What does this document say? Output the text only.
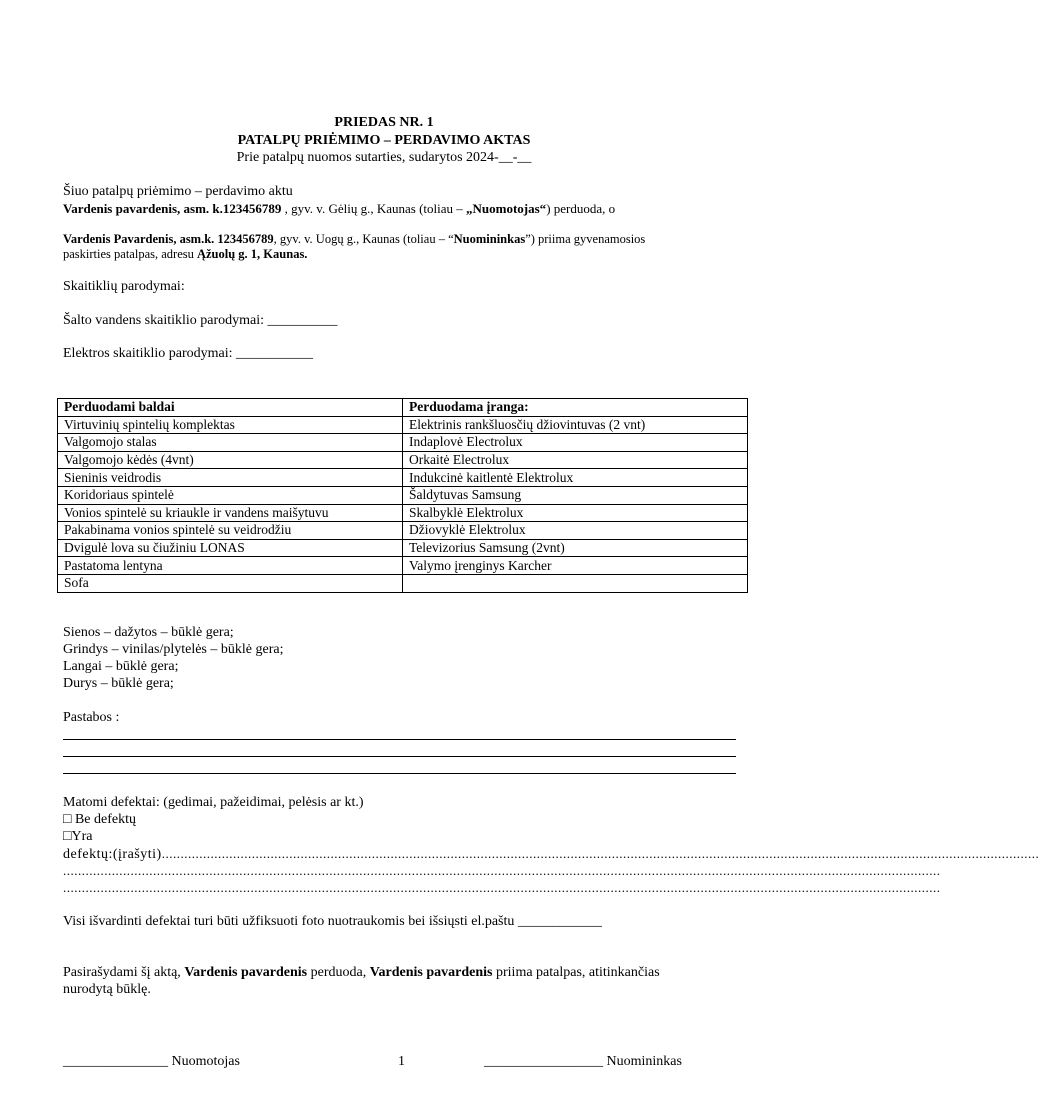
PRIEDAS NR. 1
PATALPŲ PRIĖMIMO – PERDAVIMO AKTAS
Prie patalpų nuomos sutarties, sudarytos 2024-__-__
Šiuo patalpų priėmimo – perdavimo aktu
Vardenis pavardenis, asm. k.123456789 , gyv. v. Gėlių g., Kaunas (toliau – „Nuomotojas“) perduoda, o
Vardenis Pavardenis, asm.k. 123456789, gyv. v. Uogų g., Kaunas (toliau – “Nuomininkas”) priima gyvenamosios
paskirties patalpas, adresu Ąžuolų g. 1, Kaunas.
Skaitiklių parodymai:
Šalto vandens skaitiklio parodymai: __________
Elektros skaitiklio parodymai: ___________
Perduodami baldai	Perduodama įranga:
Virtuvinių spintelių komplektas	Elektrinis rankšluosčių džiovintuvas (2 vnt)
Valgomojo stalas	Indaplovė Electrolux
Valgomojo kėdės (4vnt)	Orkaitė Electrolux
Sieninis veidrodis	Indukcinė kaitlentė Elektrolux
Koridoriaus spintelė	Šaldytuvas Samsung
Vonios spintelė su kriaukle ir vandens maišytuvu	Skalbyklė Elektrolux
Pakabinama vonios spintelė su veidrodžiu	Džiovyklė Elektrolux
Dvigulė lova su čiužiniu LONAS	Televizorius Samsung (2vnt)
Pastatoma lentyna	Valymo įrenginys Karcher
Sofa	
Sienos – dažytos – būklė gera;
Grindys – vinilas/plytelės – būklė gera;
Langai – būklė gera;
Durys – būklė gera;
Pastabos :
Matomi defektai: (gedimai, pažeidimai, pelėsis ar kt.)
□ Be defektų
□Yra
defektų:(įrašyti)..........................................................................................................................................................................................................................................
..........................................................................................................................................................................................................................................
..........................................................................................................................................................................................................................................
Visi išvardinti defektai turi būti užfiksuoti foto nuotraukomis bei išsiųsti el.paštu ____________
Pasirašydami šį aktą, Vardenis pavardenis perduoda, Vardenis pavardenis priima patalpas, atitinkančias
nurodytą būklę.
_______________ Nuomotojas	1	_________________ Nuomininkas
